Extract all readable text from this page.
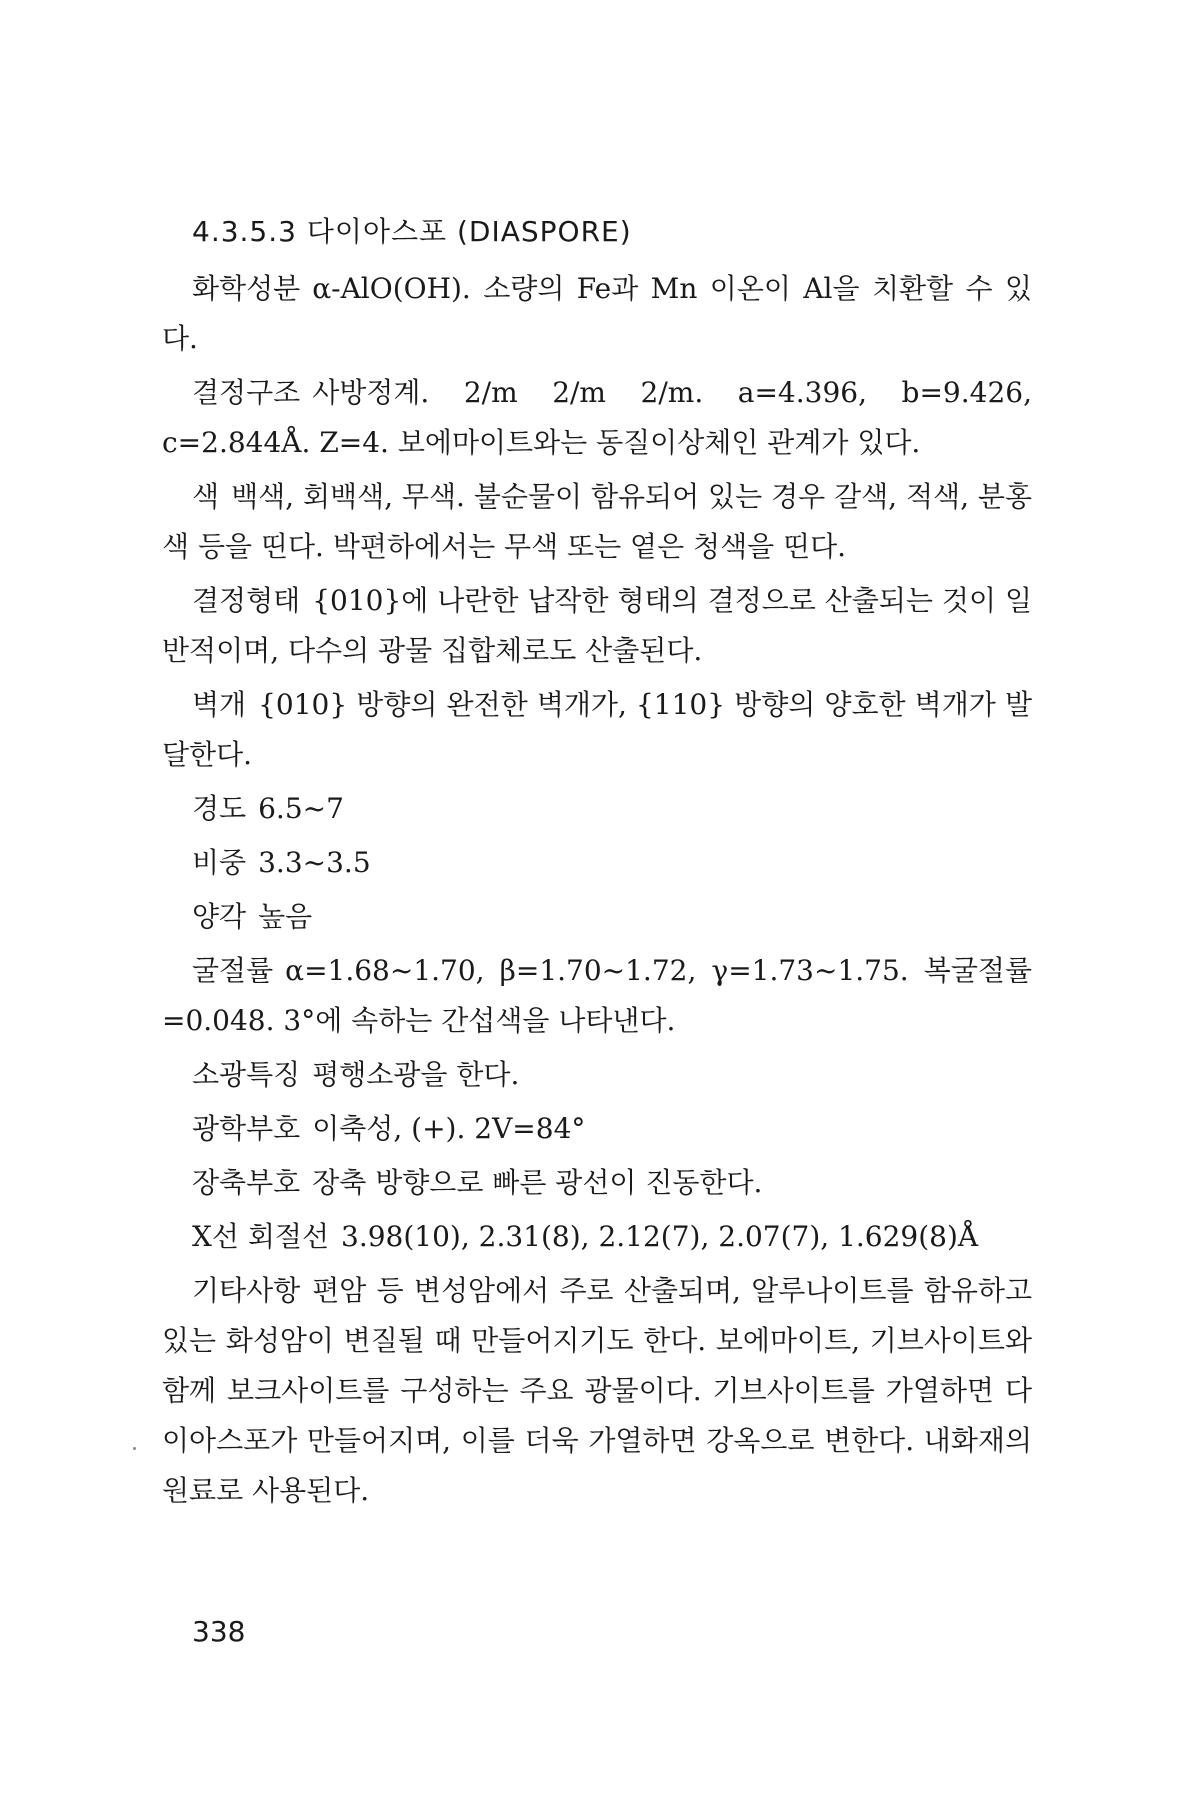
4.3.5.3 다이아스포 (DIASPORE)

화학성분 α-AlO(OH). 소량의 Fe과 Mn 이온이 Al을 치환할 수 있다.

결정구조 사방정계. 2/m 2/m 2/m. a=4.396, b=9.426, c=2.844Å. Z=4. 보에마이트와는 동질이상체인 관계가 있다.

색 백색, 회백색, 무색. 불순물이 함유되어 있는 경우 갈색, 적색, 분홍색 등을 띤다. 박편하에서는 무색 또는 옅은 청색을 띤다.

결정형태 {010}에 나란한 납작한 형태의 결정으로 산출되는 것이 일반적이며, 다수의 광물 집합체로도 산출된다.

벽개 {010} 방향의 완전한 벽개가, {110} 방향의 양호한 벽개가 발달한다.

경도 6.5~7

비중 3.3~3.5

양각 높음

굴절률 α=1.68~1.70, β=1.70~1.72, γ=1.73~1.75. 복굴절률=0.048. 3°에 속하는 간섭색을 나타낸다.

소광특징 평행소광을 한다.

광학부호 이축성, (+). 2V=84°

장축부호 장축 방향으로 빠른 광선이 진동한다.

X선 회절선 3.98(10), 2.31(8), 2.12(7), 2.07(7), 1.629(8)Å

기타사항 편암 등 변성암에서 주로 산출되며, 알루나이트를 함유하고 있는 화성암이 변질될 때 만들어지기도 한다. 보에마이트, 기브사이트와 함께 보크사이트를 구성하는 주요 광물이다. 기브사이트를 가열하면 다이아스포가 만들어지며, 이를 더욱 가열하면 강옥으로 변한다. 내화재의 원료로 사용된다.

338
